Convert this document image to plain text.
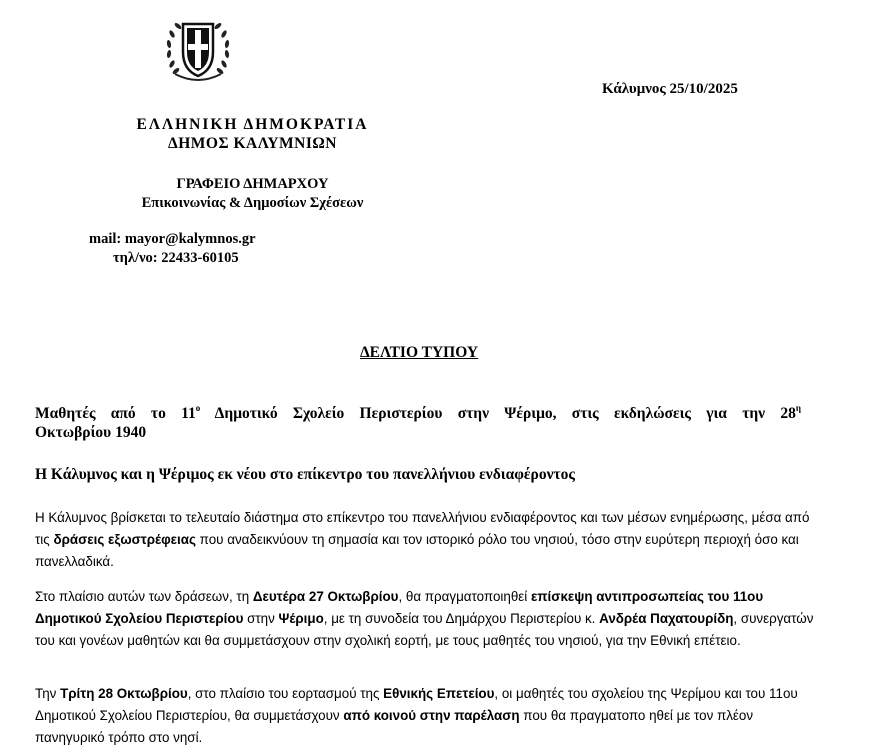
Κάλυμνος 25/10/2025
ΕΛΛΗΝΙΚΗ ΔΗΜΟΚΡΑΤΙΑ
ΔΗΜΟΣ ΚΑΛΥΜΝΙΩΝ
ΓΡΑΦΕΙΟ ΔΗΜΑΡΧΟΥ
Επικοινωνίας & Δημοσίων Σχέσεων
mail: mayor@kalymnos.gr
τηλ/νο: 22433-60105
ΔΕΛΤΙΟ ΤΥΠΟΥ
Μαθητές από το $11^o$ Δημοτικό Σχολείο Περιστερίου στην Ψέριμο, στις εκδηλώσεις για την $28^\eta$
Οκτωβρίου 1940
Η Κάλυμνος και η Ψέριμος εκ νέου στο επίκεντρο του πανελλήνιου ενδιαφέροντος
Η Κάλυμνος βρίσκεται το τελευταίο διάστημα στο επίκεντρο του πανελλήνιου ενδιαφέροντος και των μέσων ενημέρωσης, μέσα από τις δράσεις εξωστρέφειας που αναδεικνύουν τη σημασία και τον ιστορικό ρόλο του νησιού, τόσο στην ευρύτερη περιοχή όσο και πανελλαδικά.
Στο πλαίσιο αυτών των δράσεων, τη Δευτέρα 27 Οκτωβρίου, θα πραγματοποιηθεί επίσκεψη αντιπροσωπείας του 11ου Δημοτικού Σχολείου Περιστερίου στην Ψέριμο, με τη συνοδεία του Δημάρχου Περιστερίου κ. Ανδρέα Παχατουρίδη, συνεργατών του και γονέων μαθητών και θα συμμετάσχουν στην σχολική εορτή, με τους μαθητές του νησιού, για την Εθνική επέτειο.
Την Τρίτη 28 Οκτωβρίου, στο πλαίσιο του εορτασμού της Εθνικής Επετείου, οι μαθητές του σχολείου της Ψερίμου και του 11ου Δημοτικού Σχολείου Περιστερίου, θα συμμετάσχουν από κοινού στην παρέλαση που θα πραγματοπο ηθεί με τον πλέον πανηγυρικό τρόπο στο νησί.
